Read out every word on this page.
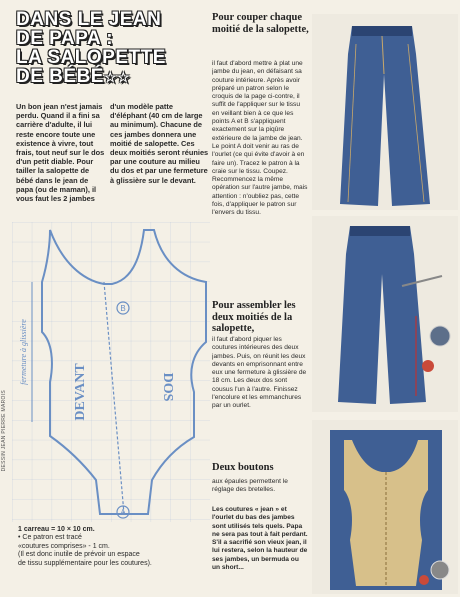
DANS LE JEAN
DE PAPA :
LA SALOPETTE
DE BÉBÉ☆☆
Un bon jean n'est jamais perdu. Quand il a fini sa carrière d'adulte, il lui reste encore toute une existence à vivre, tout frais, tout neuf sur le dos d'un petit diable. Pour tailler la salopette de bébé dans le jean de papa (ou de maman), il vous faut les 2 jambes
d'un modèle patte d'éléphant (40 cm de large au minimum). Chacune de ces jambes donnera une moitié de salopette. Ces deux moitiés seront réunies par une couture au milieu du dos et par une fermeture à glissière sur le devant.
B
A
DEVANT	DOS
fermeture à glissière
DESSIN JEAN PIERRE MAROIS
1 carreau = 10 × 10 cm.
• Ce patron est tracé
«coutures comprises» - 1 cm.
(Il est donc inutile de prévoir un espace
de tissu supplémentaire pour les coutures).
Pour couper chaque moitié de la salopette,
il faut d'abord mettre à plat une jambe du jean, en défaisant sa couture intérieure. Après avoir préparé un patron selon le croquis de la page ci-contre, il suffit de l'appliquer sur le tissu en veillant bien à ce que les points A et B s'appliquent exactement sur la piqûre extérieure de la jambe de jean. Le point A doit venir au ras de l'ourlet (ce qui évite d'avoir à en faire un). Tracez le patron à la craie sur le tissu. Coupez. Recommencez la même opération sur l'autre jambe, mais attention : n'oubliez pas, cette fois, d'appliquer le patron sur l'envers du tissu.
Pour assembler les deux moitiés de la salopette,
il faut d'abord piquer les coutures intérieures des deux jambes. Puis, on réunit les deux devants en emprisonnant entre eux une fermeture à glissière de 18 cm. Les deux dos sont cousus l'un à l'autre. Finissez l'encolure et les emmanchures par un ourlet.
Deux boutons
aux épaules permettent le réglage des bretelles.
Les coutures « jean » et l'ourlet du bas des jambes sont utilisés tels quels. Papa ne sera pas tout à fait perdant. S'il a sacrifié son vieux jean, il lui restera, selon la hauteur de ses jambes, un bermuda ou un short...
